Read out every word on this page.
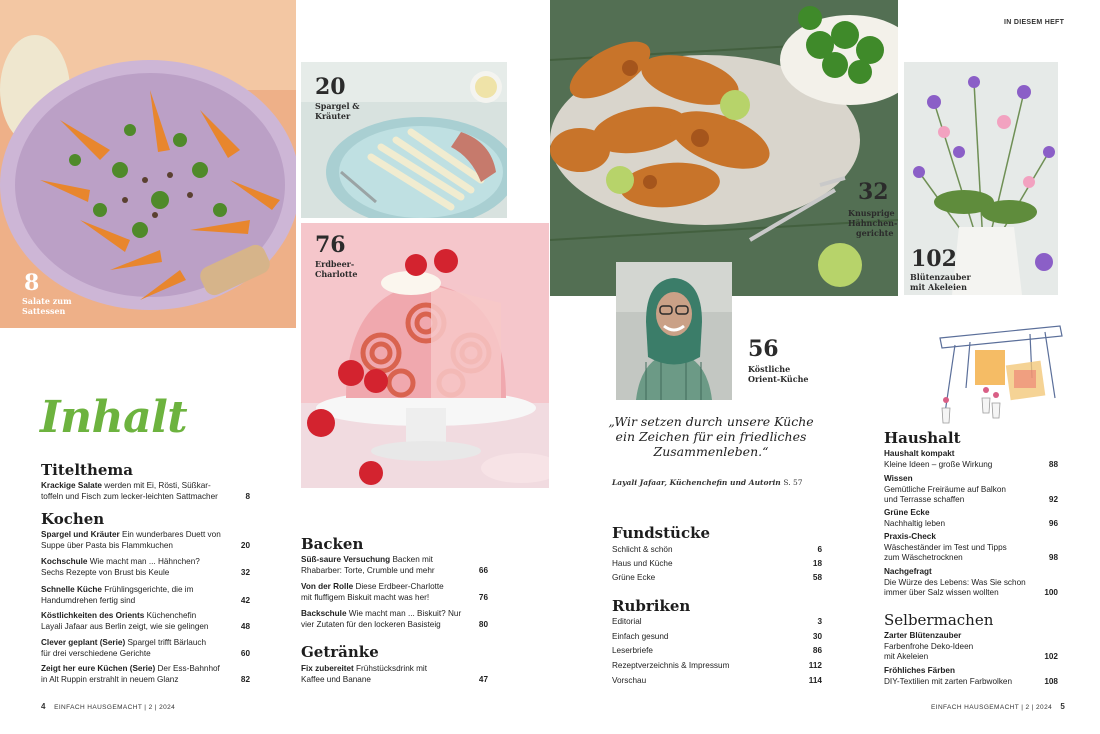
8
Salate zum
Sattessen
20
Spargel &
Kräuter
76
Erdbeer-
Charlotte
32
Knusprige
Hähnchen-
gerichte
102
Blütenzauber
mit Akeleien
56
Köstliche
Orient-Küche
IN DIESEM HEFT
Inhalt	„Wir setzen durch unsere Küche
ein Zeichen für ein friedliches
Zusammenleben.“
Layali Jafaar, Küchenchefin und Autorin S. 57
Titelthema
Krackige Salate werden mit Ei, Rösti, Süßkar-
toffeln und Fisch zum lecker-leichten Sattmacher	8
Kochen
Spargel und Kräuter Ein wunderbares Duett von
Suppe über Pasta bis Flammkuchen	20
Kochschule Wie macht man ... Hähnchen?
Sechs Rezepte von Brust bis Keule	32
Schnelle Küche Frühlingsgerichte, die im
Handumdrehen fertig sind	42
Köstlichkeiten des Orients Küchenchefin
Layali Jafaar aus Berlin zeigt, wie sie gelingen	48
Clever geplant (Serie) Spargel trifft Bärlauch
für drei verschiedene Gerichte	60
Zeigt her eure Küchen (Serie) Der Ess-Bahnhof
in Alt Ruppin erstrahlt in neuem Glanz	82
Backen
Süß-saure Versuchung Backen mit
Rhabarber: Torte, Crumble und mehr	66
Von der Rolle Diese Erdbeer-Charlotte
mit fluffigem Biskuit macht was her!	76
Backschule Wie macht man ... Biskuit? Nur
vier Zutaten für den lockeren Basisteig	80
Getränke
Fix zubereitet Frühstücksdrink mit
Kaffee und Banane	47
Fundstücke
Schlicht & schön	6
Haus und Küche	18
Grüne Ecke	58
Rubriken
Editorial	3
Einfach gesund	30
Leserbriefe	86
Rezeptverzeichnis & Impressum	112
Vorschau	114
Haushalt
Haushalt kompakt
Kleine Ideen – große Wirkung	88
Wissen
Gemütliche Freiräume auf Balkon
und Terrasse schaffen	92
Grüne Ecke
Nachhaltig leben	96
Praxis-Check
Wäscheständer im Test und Tipps
zum Wäschetrocknen	98
Nachgefragt
Die Würze des Lebens: Was Sie schon
immer über Salz wissen wollten	100
Selbermachen
Zarter Blütenzauber
Farbenfrohe Deko-Ideen
mit Akeleien	102
Fröhliches Färben
DIY-Textilien mit zarten Farbwolken	108
4 EINFACH HAUSGEMACHT | 2 | 2024	EINFACH HAUSGEMACHT | 2 | 2024 5
